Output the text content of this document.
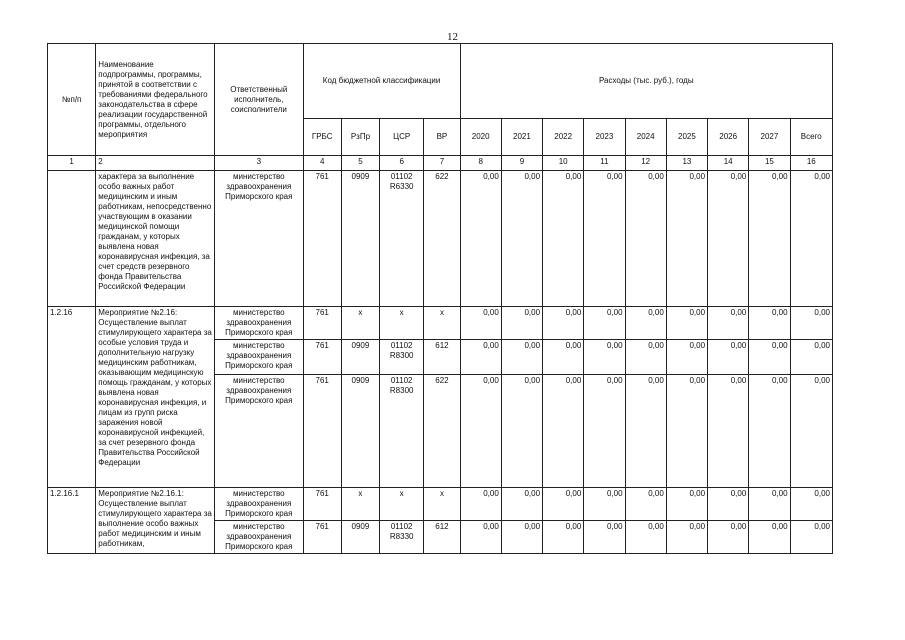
12
№п/п	Наименование подпрограммы, программы, принятой в соответствии с требованиями федерального законодательства в сфере реализации государственной программы, отдельного мероприятия	Ответственный исполнитель, соисполнители	Код бюджетной классификации				Расходы (тыс. руб.), годы								
			ГРБС	РзПр	ЦСР	ВР	2020	2021	2022	2023	2024	2025	2026	2027	Всего
1	2	3	4	5	6	7	8	9	10	11	12	13	14	15	16
	характера за выполнение особо важных работ медицинским и иным работникам, непосредственно участвующим в оказании медицинской помощи гражданам, у которых выявлена новая коронавирусная инфекция, за счет средств резервного фонда Правительства Российской Федерации	министерство здравоохранения Приморского края	761	0909	01102 R6330	622	0,00	0,00	0,00	0,00	0,00	0,00	0,00	0,00	0,00
1.2.16	Мероприятие №2.16: Осуществление выплат стимулирующего характера за особые условия труда и дополнительную нагрузку медицинским работникам, оказывающим медицинскую помощь гражданам, у которых выявлена новая коронавирусная инфекция, и лицам из групп риска заражения новой коронавирусной инфекцией, за счет резервного фонда Правительства Российской Федерации	министерство здравоохранения Приморского края	761	x	x	x	0,00	0,00	0,00	0,00	0,00	0,00	0,00	0,00	0,00
		министерство здравоохранения Приморского края	761	0909	01102 R8300	612	0,00	0,00	0,00	0,00	0,00	0,00	0,00	0,00	0,00
		министерство здравоохранения Приморского края	761	0909	01102 R8300	622	0,00	0,00	0,00	0,00	0,00	0,00	0,00	0,00	0,00
1.2.16.1	Мероприятие №2.16.1: Осуществление выплат стимулирующего характера за выполнение особо важных работ медицинским и иным работникам,	министерство здравоохранения Приморского края	761	x	x	x	0,00	0,00	0,00	0,00	0,00	0,00	0,00	0,00	0,00
		министерство здравоохранения Приморского края	761	0909	01102 R8330	612	0,00	0,00	0,00	0,00	0,00	0,00	0,00	0,00	0,00
